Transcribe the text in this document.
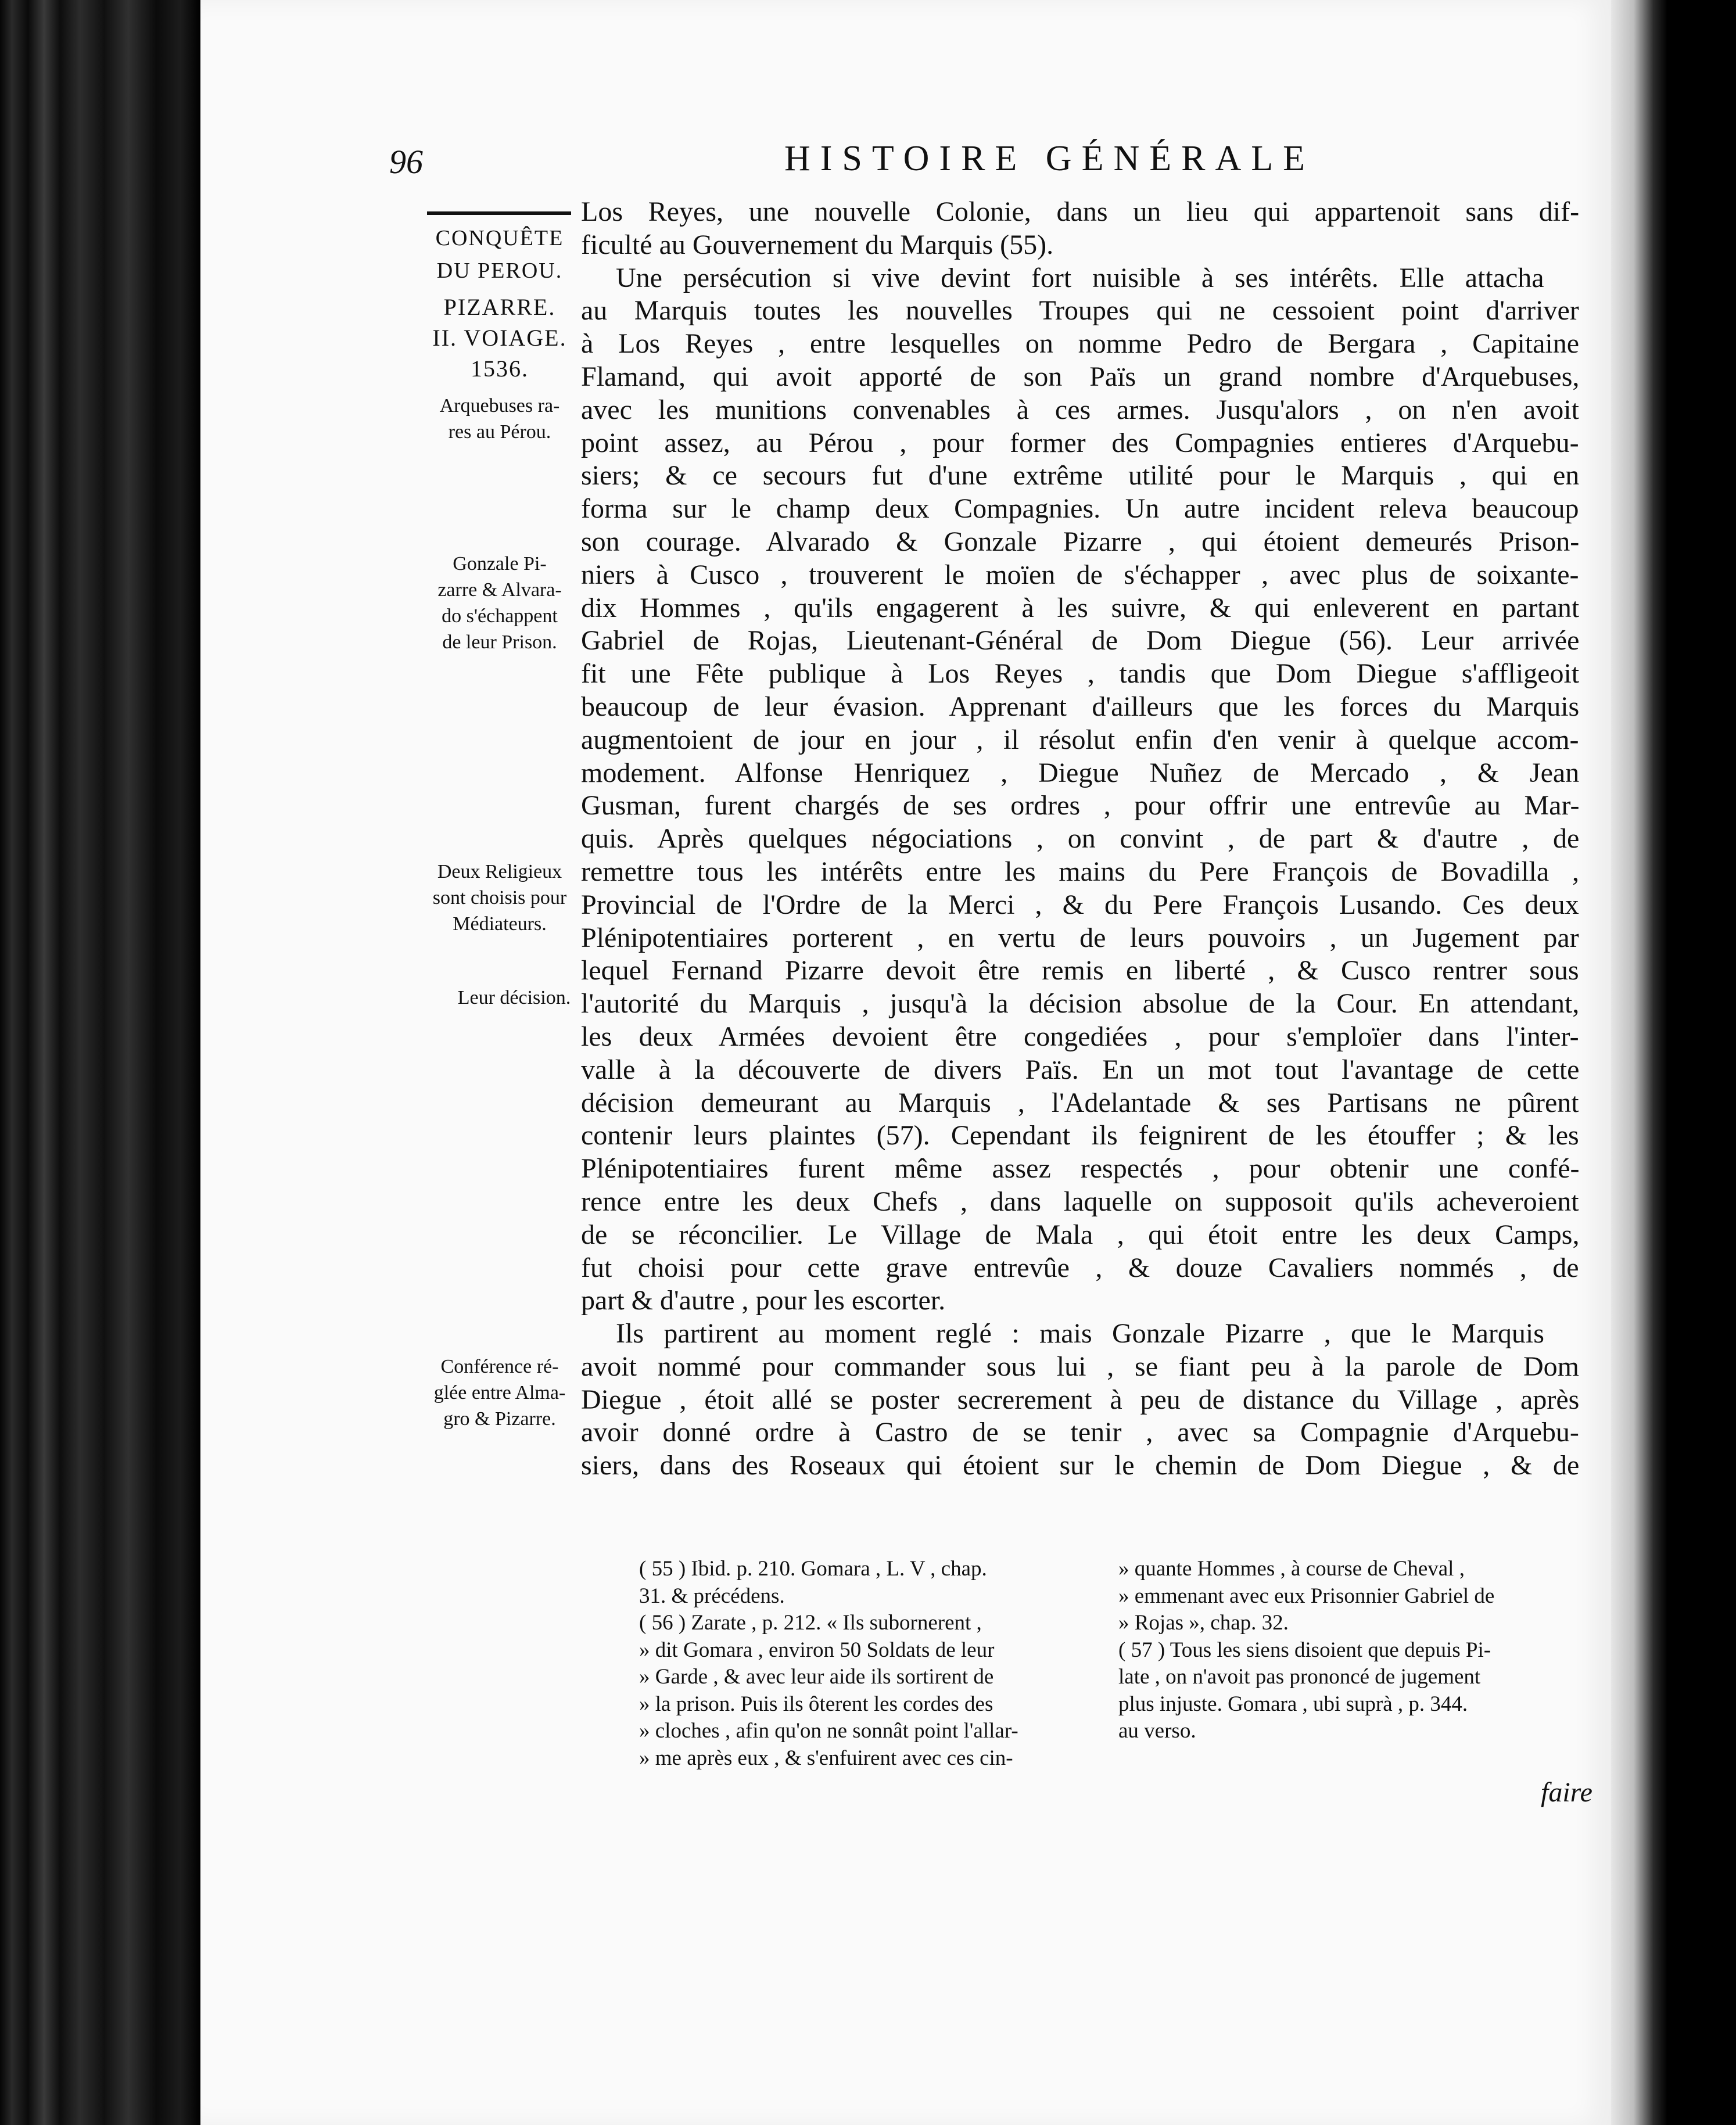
96	HISTOIRE GÉNÉRALE
CONQUÊTE
DU PEROU.
PIZARRE.
II. VOIAGE.
1536.
Arquebuses ra-
res au Pérou.
Gonzale Pi-
zarre & Alvara-
do s'échappent
de leur Prison.
Deux Religieux
sont choisis pour
Médiateurs.
Leur décision.
Conférence ré-
glée entre Alma-
gro & Pizarre.
Los Reyes, une nouvelle Colonie, dans un lieu qui appartenoit sans dif-
ficulté au Gouvernement du Marquis (55).
Une persécution si vive devint fort nuisible à ses intérêts. Elle attacha
au Marquis toutes les nouvelles Troupes qui ne cessoient point d'arriver
à Los Reyes , entre lesquelles on nomme Pedro de Bergara , Capitaine
Flamand, qui avoit apporté de son Païs un grand nombre d'Arquebuses,
avec les munitions convenables à ces armes. Jusqu'alors , on n'en avoit
point assez, au Pérou , pour former des Compagnies entieres d'Arquebu-
siers; & ce secours fut d'une extrême utilité pour le Marquis , qui en
forma sur le champ deux Compagnies. Un autre incident releva beaucoup
son courage. Alvarado & Gonzale Pizarre , qui étoient demeurés Prison-
niers à Cusco , trouverent le moïen de s'échapper , avec plus de soixante-
dix Hommes , qu'ils engagerent à les suivre, & qui enleverent en partant
Gabriel de Rojas, Lieutenant-Général de Dom Diegue (56). Leur arrivée
fit une Fête publique à Los Reyes , tandis que Dom Diegue s'affligeoit
beaucoup de leur évasion. Apprenant d'ailleurs que les forces du Marquis
augmentoient de jour en jour , il résolut enfin d'en venir à quelque accom-
modement. Alfonse Henriquez , Diegue Nuñez de Mercado , & Jean
Gusman, furent chargés de ses ordres , pour offrir une entrevûe au Mar-
quis. Après quelques négociations , on convint , de part & d'autre , de
remettre tous les intérêts entre les mains du Pere François de Bovadilla ,
Provincial de l'Ordre de la Merci , & du Pere François Lusando. Ces deux
Plénipotentiaires porterent , en vertu de leurs pouvoirs , un Jugement par
lequel Fernand Pizarre devoit être remis en liberté , & Cusco rentrer sous
l'autorité du Marquis , jusqu'à la décision absolue de la Cour. En attendant,
les deux Armées devoient être congediées , pour s'emploïer dans l'inter-
valle à la découverte de divers Païs. En un mot tout l'avantage de cette
décision demeurant au Marquis , l'Adelantade & ses Partisans ne pûrent
contenir leurs plaintes (57). Cependant ils feignirent de les étouffer ; & les
Plénipotentiaires furent même assez respectés , pour obtenir une confé-
rence entre les deux Chefs , dans laquelle on supposoit qu'ils acheveroient
de se réconcilier. Le Village de Mala , qui étoit entre les deux Camps,
fut choisi pour cette grave entrevûe , & douze Cavaliers nommés , de
part & d'autre , pour les escorter.
Ils partirent au moment reglé : mais Gonzale Pizarre , que le Marquis
avoit nommé pour commander sous lui , se fiant peu à la parole de Dom
Diegue , étoit allé se poster secrerement à peu de distance du Village , après
avoir donné ordre à Castro de se tenir , avec sa Compagnie d'Arquebu-
siers, dans des Roseaux qui étoient sur le chemin de Dom Diegue , & de
( 55 ) Ibid. p. 210. Gomara , L. V , chap.
31. & précédens.
( 56 ) Zarate , p. 212. « Ils subornerent ,
» dit Gomara , environ 50 Soldats de leur
» Garde , & avec leur aide ils sortirent de
» la prison. Puis ils ôterent les cordes des
» cloches , afin qu'on ne sonnât point l'allar-
» me après eux , & s'enfuirent avec ces cin-
» quante Hommes , à course de Cheval ,
» emmenant avec eux Prisonnier Gabriel de
» Rojas », chap. 32.
( 57 ) Tous les siens disoient que depuis Pi-
late , on n'avoit pas prononcé de jugement
plus injuste. Gomara , ubi suprà , p. 344.
au verso.
faire
